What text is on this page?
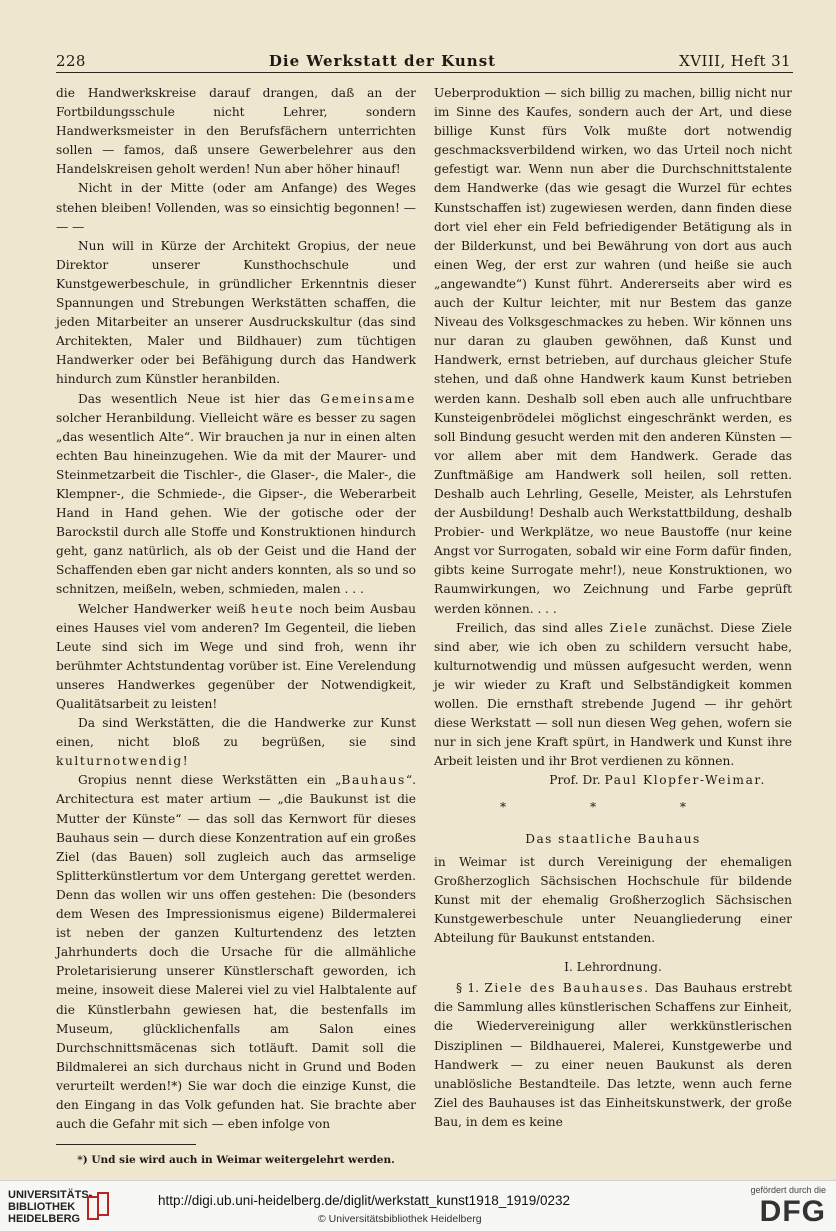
228	Die Werkstatt der Kunst	XVIII, Heft 31

die Handwerkskreise darauf drangen, daß an der Fortbildungsschule nicht Lehrer, sondern Handwerksmeister in den Berufsfächern unterrichten sollen — famos, daß unsere Gewerbelehrer aus den Handelskreisen geholt werden! Nun aber höher hinauf!

Nicht in der Mitte (oder am Anfange) des Weges stehen bleiben! Vollenden, was so einsichtig begonnen! — — —

Nun will in Kürze der Architekt Gropius, der neue Direktor unserer Kunsthochschule und Kunstgewerbeschule, in gründlicher Erkenntnis dieser Spannungen und Strebungen Werkstätten schaffen, die jeden Mitarbeiter an unserer Ausdruckskultur (das sind Architekten, Maler und Bildhauer) zum tüchtigen Handwerker oder bei Befähigung durch das Handwerk hindurch zum Künstler heranbilden.

Das wesentlich Neue ist hier das Gemeinsame solcher Heranbildung. Vielleicht wäre es besser zu sagen „das wesentlich Alte“. Wir brauchen ja nur in einen alten echten Bau hineinzugehen. Wie da mit der Maurer- und Steinmetzarbeit die Tischler-, die Glaser-, die Maler-, die Klempner-, die Schmiede-, die Gipser-, die Weberarbeit Hand in Hand gehen. Wie der gotische oder der Barockstil durch alle Stoffe und Konstruktionen hindurch geht, ganz natürlich, als ob der Geist und die Hand der Schaffenden eben gar nicht anders konnten, als so und so schnitzen, meißeln, weben, schmieden, malen . . .

Welcher Handwerker weiß heute noch beim Ausbau eines Hauses viel vom anderen? Im Gegenteil, die lieben Leute sind sich im Wege und sind froh, wenn ihr berühmter Achtstundentag vorüber ist. Eine Verelendung unseres Handwerkes gegenüber der Notwendigkeit, Qualitätsarbeit zu leisten!

Da sind Werkstätten, die die Handwerke zur Kunst einen, nicht bloß zu begrüßen, sie sind kulturnotwendig!

Gropius nennt diese Werkstätten ein „Bauhaus“. Architectura est mater artium — „die Baukunst ist die Mutter der Künste“ — das soll das Kernwort für dieses Bauhaus sein — durch diese Konzentration auf ein großes Ziel (das Bauen) soll zugleich auch das armselige Splitterkünstlertum vor dem Untergang gerettet werden. Denn das wollen wir uns offen gestehen: Die (besonders dem Wesen des Impressionismus eigene) Bildermalerei ist neben der ganzen Kulturtendenz des letzten Jahrhunderts doch die Ursache für die allmähliche Proletarisierung unserer Künstlerschaft geworden, ich meine, insoweit diese Malerei viel zu viel Halbtalente auf die Künstlerbahn gewiesen hat, die bestenfalls im Museum, glücklichenfalls am Salon eines Durchschnittsmäcenas sich totläuft. Damit soll die Bildmalerei an sich durchaus nicht in Grund und Boden verurteilt werden!*) Sie war doch die einzige Kunst, die den Eingang in das Volk gefunden hat. Sie brachte aber auch die Gefahr mit sich — eben infolge von

*) Und sie wird auch in Weimar weitergelehrt werden.

Ueberproduktion — sich billig zu machen, billig nicht nur im Sinne des Kaufes, sondern auch der Art, und diese billige Kunst fürs Volk mußte dort notwendig geschmacksverbildend wirken, wo das Urteil noch nicht gefestigt war. Wenn nun aber die Durchschnittstalente dem Handwerke (das wie gesagt die Wurzel für echtes Kunstschaffen ist) zugewiesen werden, dann finden diese dort viel eher ein Feld befriedigender Betätigung als in der Bilderkunst, und bei Bewährung von dort aus auch einen Weg, der erst zur wahren (und heiße sie auch „angewandte“) Kunst führt. Andererseits aber wird es auch der Kultur leichter, mit nur Bestem das ganze Niveau des Volksgeschmackes zu heben. Wir können uns nur daran zu glauben gewöhnen, daß Kunst und Handwerk, ernst betrieben, auf durchaus gleicher Stufe stehen, und daß ohne Handwerk kaum Kunst betrieben werden kann. Deshalb soll eben auch alle unfruchtbare Kunsteigenbrödelei möglichst eingeschränkt werden, es soll Bindung gesucht werden mit den anderen Künsten — vor allem aber mit dem Handwerk. Gerade das Zunftmäßige am Handwerk soll heilen, soll retten. Deshalb auch Lehrling, Geselle, Meister, als Lehrstufen der Ausbildung! Deshalb auch Werkstattbildung, deshalb Probier- und Werkplätze, wo neue Baustoffe (nur keine Angst vor Surrogaten, sobald wir eine Form dafür finden, gibts keine Surrogate mehr!), neue Konstruktionen, wo Raumwirkungen, wo Zeichnung und Farbe geprüft werden können. . . .

Freilich, das sind alles Ziele zunächst. Diese Ziele sind aber, wie ich oben zu schildern versucht habe, kulturnotwendig und müssen aufgesucht werden, wenn je wir wieder zu Kraft und Selbständigkeit kommen wollen. Die ernsthaft strebende Jugend — ihr gehört diese Werkstatt — soll nun diesen Weg gehen, wofern sie nur in sich jene Kraft spürt, in Handwerk und Kunst ihre Arbeit leisten und ihr Brot verdienen zu können.

Prof. Dr. Paul Klopfer-Weimar.

* * *

Das staatliche Bauhaus

in Weimar ist durch Vereinigung der ehemaligen Großherzoglich Sächsischen Hochschule für bildende Kunst mit der ehemalig Großherzoglich Sächsischen Kunstgewerbeschule unter Neuangliederung einer Abteilung für Baukunst entstanden.

I. Lehrordnung.

§ 1. Ziele des Bauhauses. Das Bauhaus erstrebt die Sammlung alles künstlerischen Schaffens zur Einheit, die Wiedervereinigung aller werkkünstlerischen Disziplinen — Bildhauerei, Malerei, Kunstgewerbe und Handwerk — zu einer neuen Baukunst als deren unablösliche Bestandteile. Das letzte, wenn auch ferne Ziel des Bauhauses ist das Einheitskunstwerk, der große Bau, in dem es keine

UNIVERSITÄTS-
BIBLIOTHEK
HEIDELBERG
http://digi.ub.uni-heidelberg.de/diglit/werkstatt_kunst1918_1919/0232
© Universitätsbibliothek Heidelberg
gefördert durch die
DFG
